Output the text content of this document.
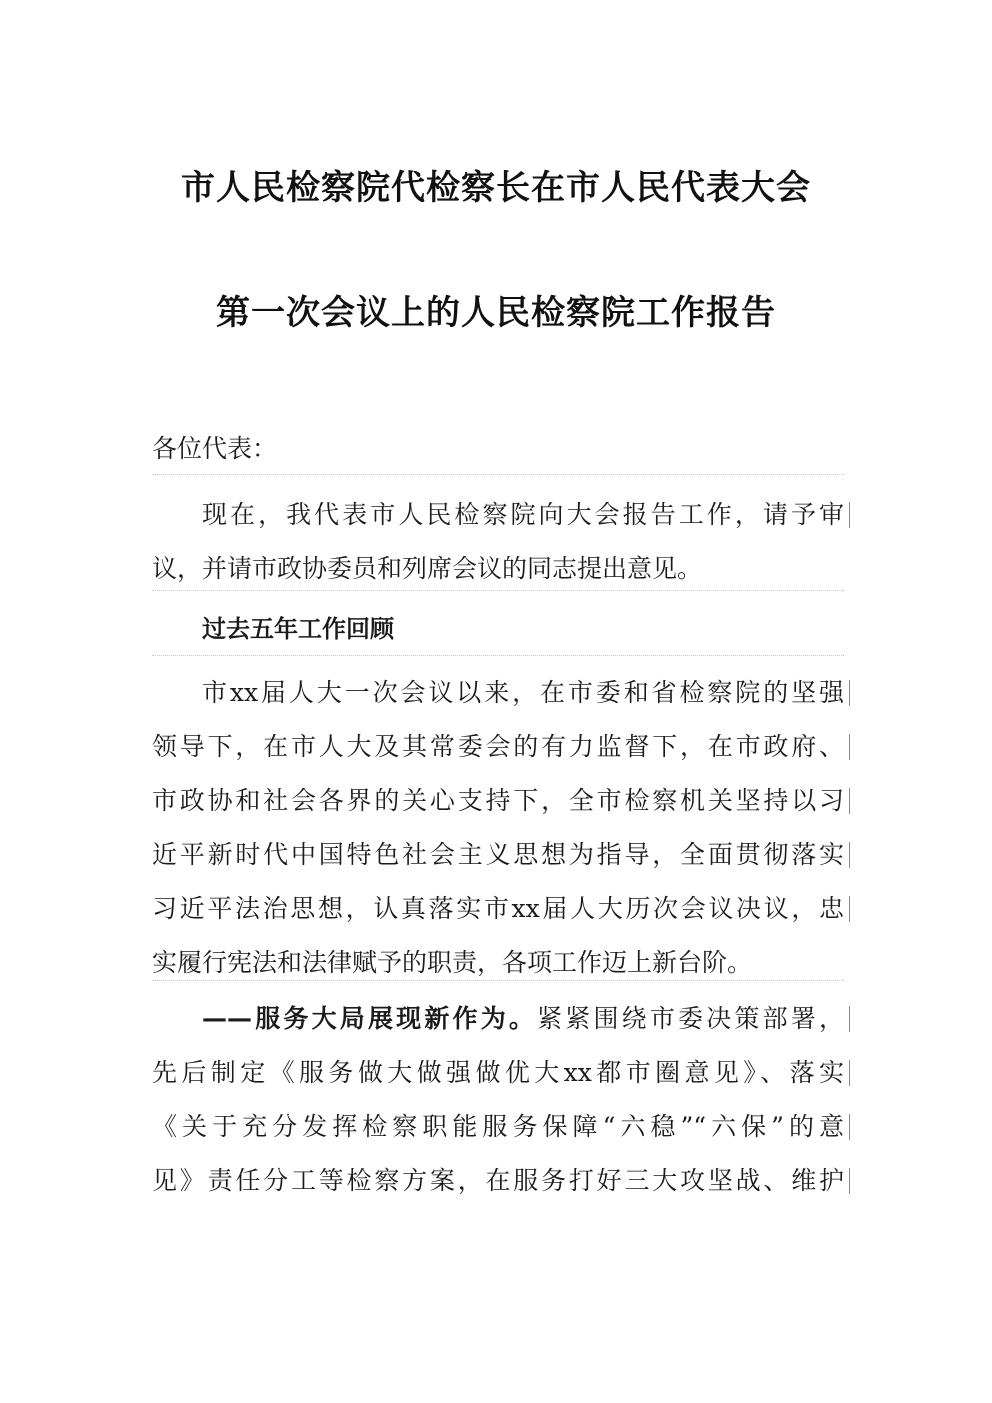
市人民检察院代检察长在市人民代表大会
第一次会议上的人民检察院工作报告
各位代表：
现在，我代表市人民检察院向大会报告工作，请予审
议，并请市政协委员和列席会议的同志提出意见。
过去五年工作回顾
市xx届人大一次会议以来，在市委和省检察院的坚强
领导下，在市人大及其常委会的有力监督下，在市政府、
市政协和社会各界的关心支持下，全市检察机关坚持以习
近平新时代中国特色社会主义思想为指导，全面贯彻落实
习近平法治思想，认真落实市xx届人大历次会议决议，忠
实履行宪法和法律赋予的职责，各项工作迈上新台阶。
——服务大局展现新作为。紧紧围绕市委决策部署，
先后制定《服务做大做强做优大xx都市圈意见》、落实
《关于充分发挥检察职能服务保障“六稳”“六保”的意
见》责任分工等检察方案，在服务打好三大攻坚战、维护
